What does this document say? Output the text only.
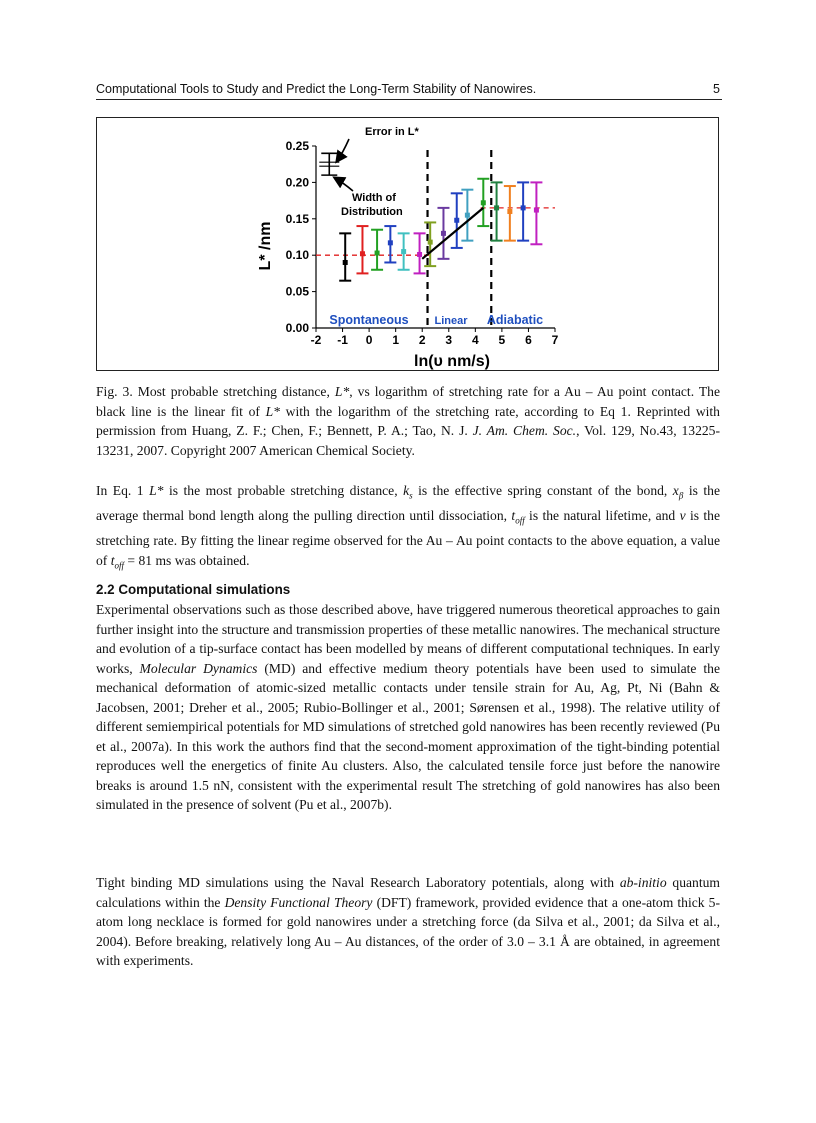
Computational Tools to Study and Predict the Long-Term Stability of Nanowires.	5
-2 -1 0 1 2 3 4 5 6 7
0.00
0.05
0.10
0.15
0.20
0.25
Error in L*
Width of
Distribution
Spontaneous Linear Adiabatic
ln(υ nm/s)
L* /nm
Fig. 3. Most probable stretching distance, L*, vs logarithm of stretching rate for a Au – Au point contact. The black line is the linear fit of L* with the logarithm of the stretching rate, according to Eq 1. Reprinted with permission from Huang, Z. F.; Chen, F.; Bennett, P. A.; Tao, N. J. J. Am. Chem. Soc., Vol. 129, No.43, 13225-13231, 2007. Copyright 2007 American Chemical Society.

In Eq. 1 L* is the most probable stretching distance, $k_s$ is the effective spring constant of the bond, $x_\beta$ is the average thermal bond length along the pulling direction until dissociation, $t_{off}$ is the natural lifetime, and ν is the stretching rate. By fitting the linear regime observed for the Au – Au point contacts to the above equation, a value of $t_{off} = 81$ ms was obtained.

2.2 Computational simulations

Experimental observations such as those described above, have triggered numerous theoretical approaches to gain further insight into the structure and transmission properties of these metallic nanowires. The mechanical structure and evolution of a tip-surface contact has been modelled by means of different computational techniques. In early works, Molecular Dynamics (MD) and effective medium theory potentials have been used to simulate the mechanical deformation of atomic-sized metallic contacts under tensile strain for Au, Ag, Pt, Ni (Bahn & Jacobsen, 2001; Dreher et al., 2005; Rubio-Bollinger et al., 2001; Sørensen et al., 1998). The relative utility of different semiempirical potentials for MD simulations of stretched gold nanowires has been recently reviewed (Pu et al., 2007a). In this work the authors find that the second-moment approximation of the tight-binding potential reproduces well the energetics of finite Au clusters. Also, the calculated tensile force just before the nanowire breaks is around 1.5 nN, consistent with the experimental result The stretching of gold nanowires has also been simulated in the presence of solvent (Pu et al., 2007b).

Tight binding MD simulations using the Naval Research Laboratory potentials, along with ab-initio quantum calculations within the Density Functional Theory (DFT) framework, provided evidence that a one-atom thick 5-atom long necklace is formed for gold nanowires under a stretching force (da Silva et al., 2001; da Silva et al., 2004). Before breaking, relatively long Au – Au distances, of the order of 3.0 – 3.1 Å are obtained, in agreement with experiments.
